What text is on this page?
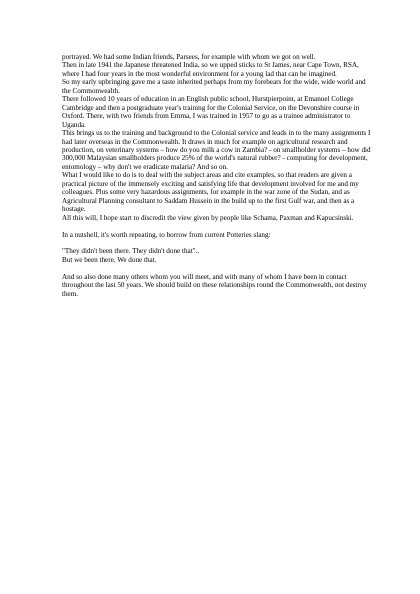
portrayed. We had some Indian friends, Parsees, for example with whom we got on well.

Then in late 1941 the Japanese threatened India, so we upped sticks to St James, near Cape Town, RSA, where I had four years in the most wonderful environment for a young lad that can be imagined.

So my early upbringing gave me a taste inherited perhaps from my forebears for the wide, wide world and the Commonwealth.

There followed 10 years of education in an English public school, Hurstpierpoint, at Emanuel College Cambridge and then a postgraduate year's training for the Colonial Service, on the Devonshire course in Oxford. There, with two friends from Emma, I was trained in 1957 to go as a trainee administrator to Uganda.

This brings us to the training and background to the Colonial service and leads in to the many assignments I had later overseas in the Commonwealth. It draws in much for example on agricultural research and production, on veterinary systems – how do you milk a cow in Zambia? - on smallholder systems – how did 300,000 Malaysian smallholders produce 25% of the world's natural rubber? - computing for development, entomology – why don't we eradicate malaria? And so on.

What I would like to do is to deal with the subject areas and cite examples, so that readers are given a practical picture of the immensely exciting and satisfying life that development involved for me and my colleagues. Plus some very hazardous assignments, for example in the war zone of the Sudan, and as Agricultural Planning consultant to Saddam Hussein in the build up to the first Gulf war, and then as a hostage.

All this will, I hope start to discredit the view given by people like Schama, Paxman and Kapucsinski.

In a nutshell, it's worth repeating, to borrow from current Potteries slang:

"They didn't been there. They didn't done that"..

But we been there. We done that.

And so also done many others whom you will meet, and with many of whom I have been in contact throughout the last 50 years. We should build on these relationships round the Commonwealth, not destroy them.
